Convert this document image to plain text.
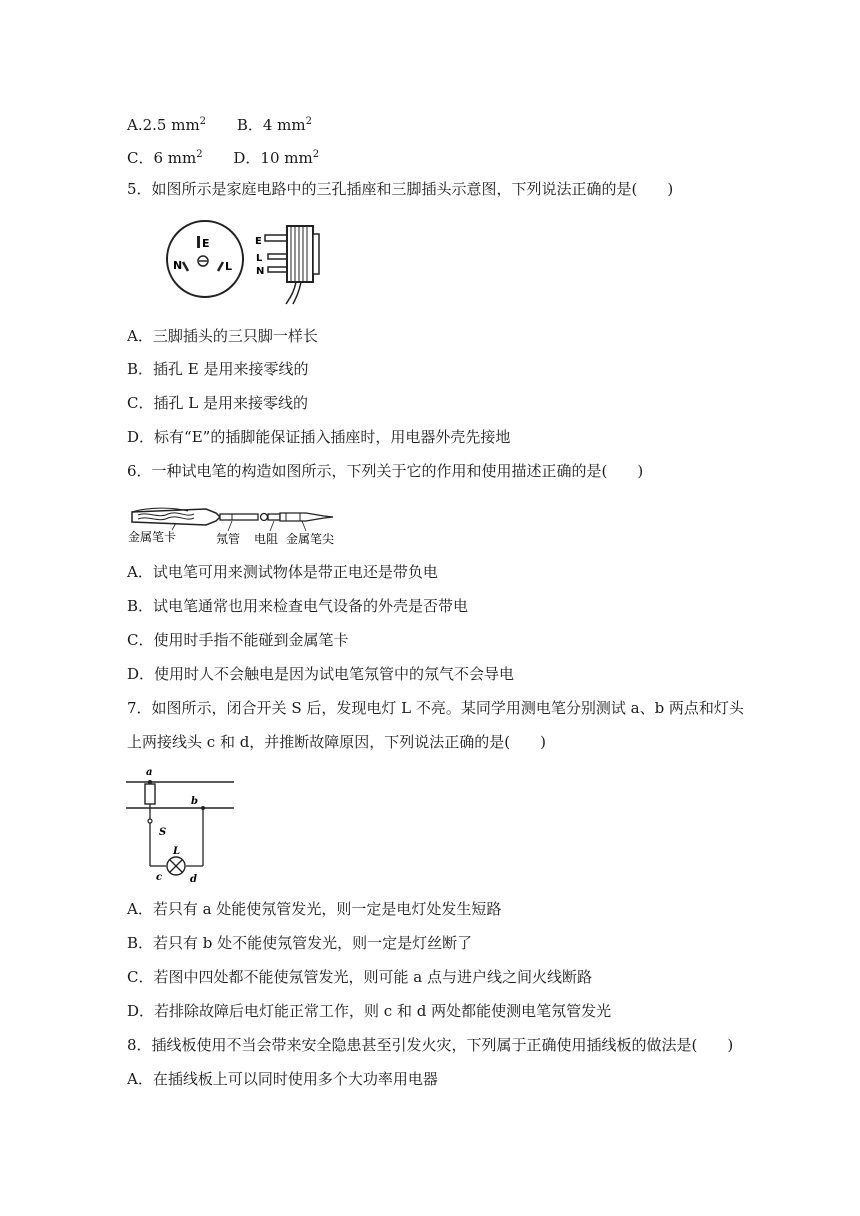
A.2.5 $mm^2$ B．4 $mm^2$
C．6 $mm^2$ D．10 $mm^2$
5．如图所示是家庭电路中的三孔插座和三脚插头示意图，下列说法正确的是(　　)
E
N	L
E
L
N
A．三脚插头的三只脚一样长
B．插孔 E 是用来接零线的
C．插孔 L 是用来接零线的
D．标有“E”的插脚能保证插入插座时，用电器外壳先接地
6．一种试电笔的构造如图所示，下列关于它的作用和使用描述正确的是(　　)
金属笔卡	氖管 电阻 金属笔尖
A．试电笔可用来测试物体是带正电还是带负电
B．试电笔通常也用来检查电气设备的外壳是否带电
C．使用时手指不能碰到金属笔卡
D．使用时人不会触电是因为试电笔氖管中的氖气不会导电
7．如图所示，闭合开关 S 后，发现电灯 L 不亮。某同学用测电笔分别测试 a、b 两点和灯头
上两接线头 c 和 d，并推断故障原因，下列说法正确的是(　　)
a
b
S
L
c	d
A．若只有 a 处能使氖管发光，则一定是电灯处发生短路
B．若只有 b 处不能使氖管发光，则一定是灯丝断了
C．若图中四处都不能使氖管发光，则可能 a 点与进户线之间火线断路
D．若排除故障后电灯能正常工作，则 c 和 d 两处都能使测电笔氖管发光
8．插线板使用不当会带来安全隐患甚至引发火灾，下列属于正确使用插线板的做法是(　　)
A．在插线板上可以同时使用多个大功率用电器
